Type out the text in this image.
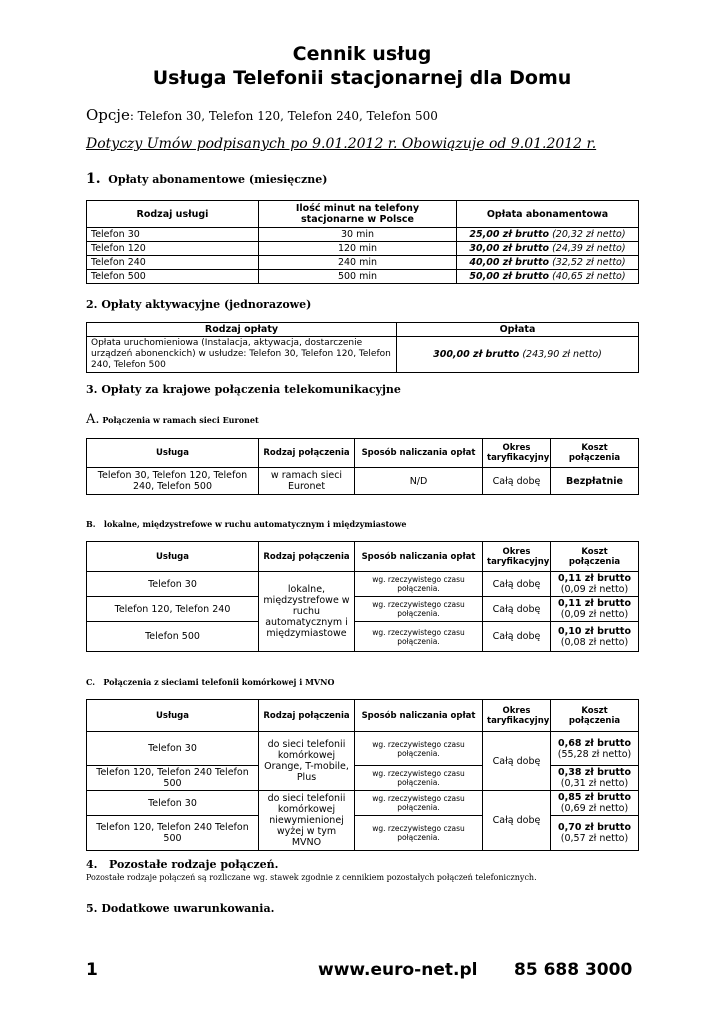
Cennik usług
Usługa Telefonii stacjonarnej dla Domu
Opcje: Telefon 30, Telefon 120, Telefon 240, Telefon 500
Dotyczy Umów podpisanych po 9.01.2012 r. Obowiązuje od 9.01.2012 r.
1. Opłaty abonamentowe (miesięczne)
Rodzaj usługi	Ilość minut na telefony stacjonarne w Polsce	Opłata abonamentowa
Telefon 30	30 min	25,00 zł brutto (20,32 zł netto)
Telefon 120	120 min	30,00 zł brutto (24,39 zł netto)
Telefon 240	240 min	40,00 zł brutto (32,52 zł netto)
Telefon 500	500 min	50,00 zł brutto (40,65 zł netto)
2. Opłaty aktywacyjne (jednorazowe)
Rodzaj opłaty	Opłata
Opłata uruchomieniowa (Instalacja, aktywacja, dostarczenie urządzeń abonenckich) w usłudze: Telefon 30, Telefon 120, Telefon 240, Telefon 500	300,00 zł brutto (243,90 zł netto)
3. Opłaty za krajowe połączenia telekomunikacyjne
A. Połączenia w ramach sieci Euronet
Usługa	Rodzaj połączenia	Sposób naliczania opłat	Okres taryfikacyjny	Koszt połączenia
Telefon 30, Telefon 120, Telefon 240, Telefon 500	w ramach sieci Euronet	N/D	Całą dobę	Bezpłatnie
B.   lokalne, międzystrefowe w ruchu automatycznym i międzymiastowe
Usługa	Rodzaj połączenia	Sposób naliczania opłat	Okres taryfikacyjny	Koszt połączenia
Telefon 30	lokalne, międzystrefowe w ruchu automatycznym i międzymiastowe	wg. rzeczywistego czasu połączenia.	Całą dobę	0,11 zł brutto
(0,09 zł netto)
Telefon 120, Telefon 240		wg. rzeczywistego czasu połączenia.	Całą dobę	0,11 zł brutto
(0,09 zł netto)
Telefon 500		wg. rzeczywistego czasu połączenia.	Całą dobę	0,10 zł brutto
(0,08 zł netto)
C.   Połączenia z sieciami telefonii komórkowej i MVNO
Usługa	Rodzaj połączenia	Sposób naliczania opłat	Okres taryfikacyjny	Koszt połączenia
Telefon 30	do sieci telefonii komórkowej Orange, T-mobile, Plus	wg. rzeczywistego czasu połączenia.	Całą dobę	0,68 zł brutto
(55,28 zł netto)
Telefon 120, Telefon 240 Telefon 500		wg. rzeczywistego czasu połączenia.		0,38 zł brutto
(0,31 zł netto)
Telefon 30	do sieci telefonii komórkowej niewymienionej wyżej w tym MVNO	wg. rzeczywistego czasu połączenia.	Całą dobę	0,85 zł brutto
(0,69 zł netto)
Telefon 120, Telefon 240 Telefon 500		wg. rzeczywistego czasu połączenia.		0,70 zł brutto
(0,57 zł netto)
4.   Pozostałe rodzaje połączeń.
Pozostałe rodzaje połączeń są rozliczane wg. stawek zgodnie z cennikiem pozostałych połączeń telefonicznych.
5. Dodatkowe uwarunkowania.
1	www.euro-net.pl 85 688 3000
